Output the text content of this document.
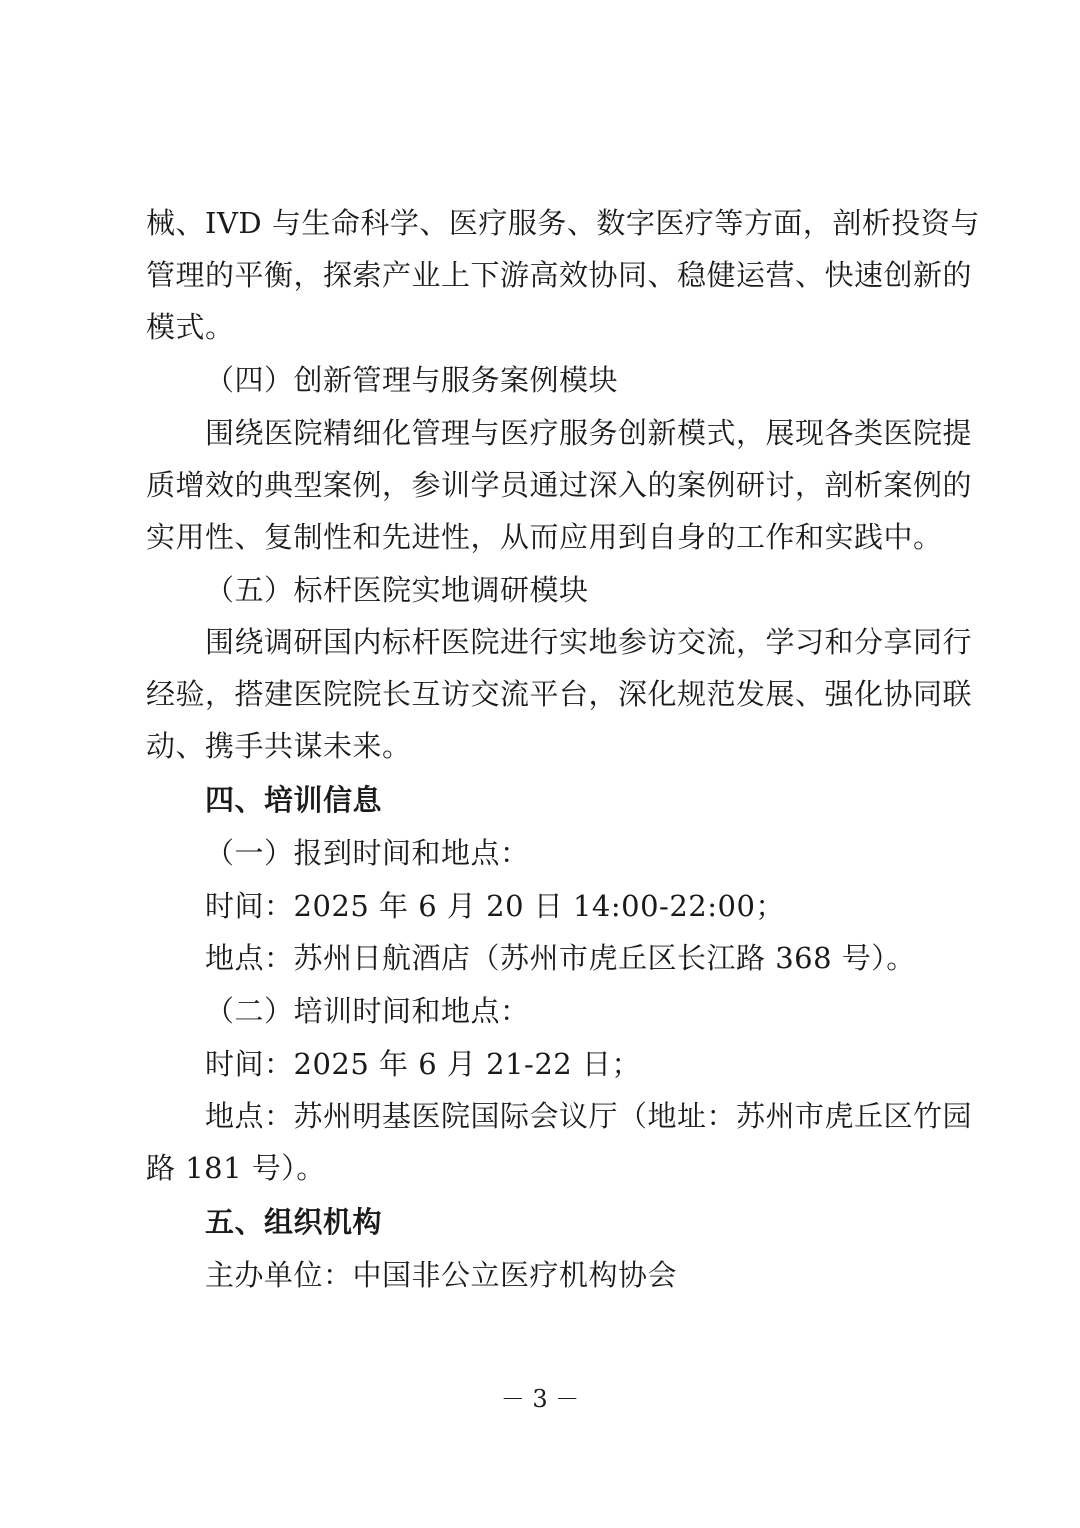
械、IVD 与生命科学、医疗服务、数字医疗等方面，剖析投资与
管理的平衡，探索产业上下游高效协同、稳健运营、快速创新的
模式。
（四）创新管理与服务案例模块
围绕医院精细化管理与医疗服务创新模式，展现各类医院提
质增效的典型案例，参训学员通过深入的案例研讨，剖析案例的
实用性、复制性和先进性，从而应用到自身的工作和实践中。
（五）标杆医院实地调研模块
围绕调研国内标杆医院进行实地参访交流，学习和分享同行
经验，搭建医院院长互访交流平台，深化规范发展、强化协同联
动、携手共谋未来。
四、培训信息
（一）报到时间和地点：
时间：2025 年 6 月 20 日 14:00-22:00；
地点：苏州日航酒店（苏州市虎丘区长江路 368 号）。
（二）培训时间和地点：
时间：2025 年 6 月 21-22 日；
地点：苏州明基医院国际会议厅（地址：苏州市虎丘区竹园
路 181 号）。
五、组织机构
主办单位：中国非公立医疗机构协会
－ 3 －
